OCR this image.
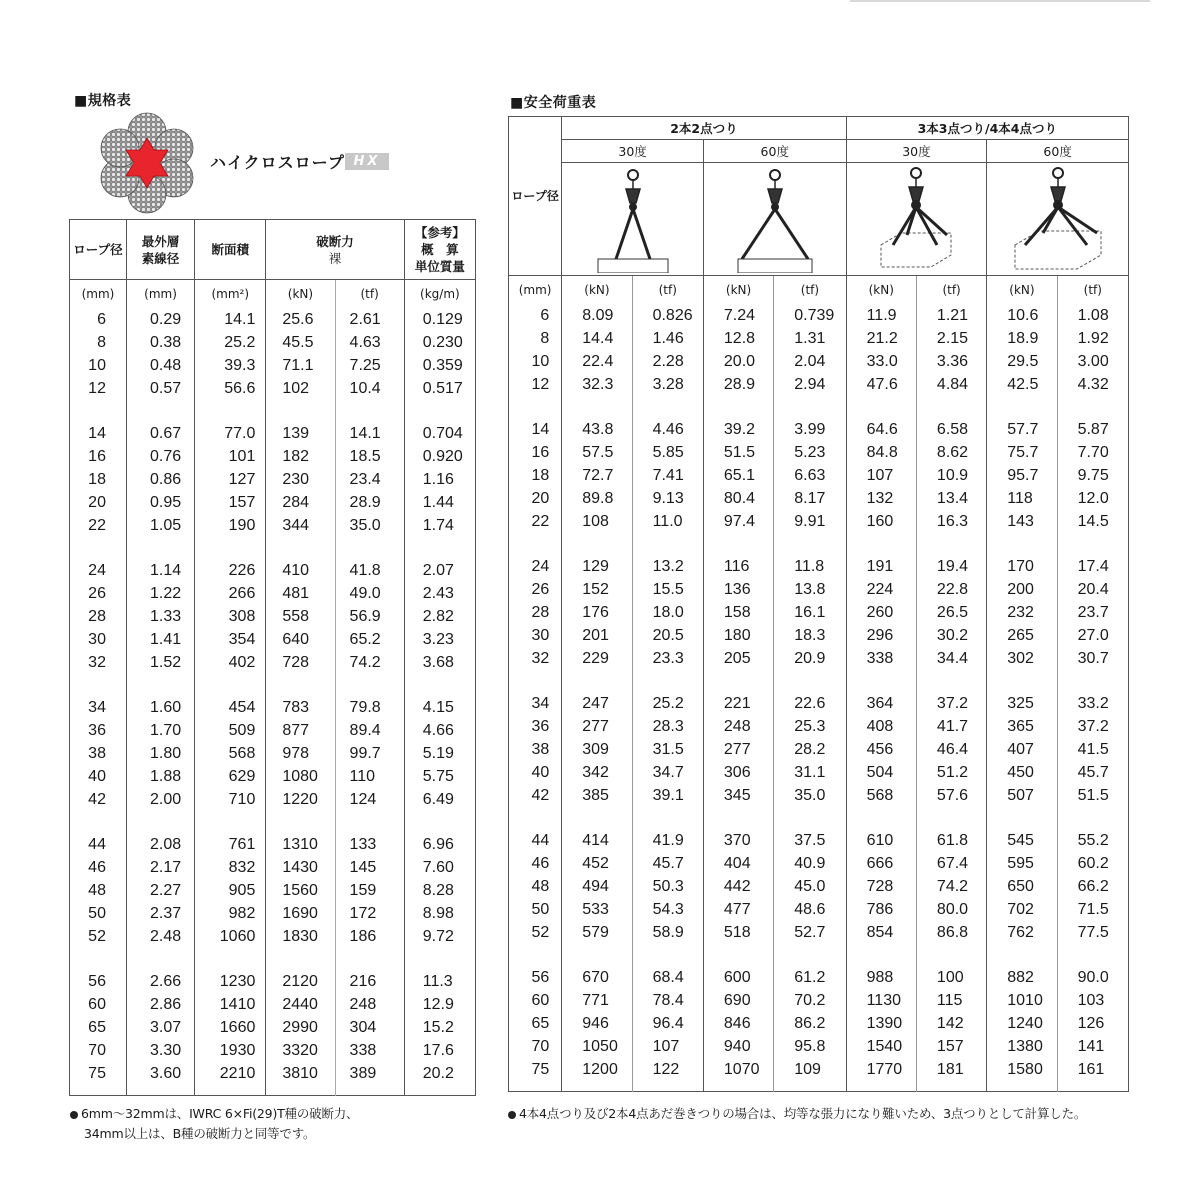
■規格表
ハイクロスロープ HX
ロープ径	最外層
素線径	断面積	破断力
裸		【参考】
概　算
単位質量
(mm)	(mm)	(mm²)	(kN)	(tf)	(kg/m)
6	0.29	14.1	25.6	2.61	0.129
8	0.38	25.2	45.5	4.63	0.230
10	0.48	39.3	71.1	7.25	0.359
12	0.57	56.6	102	10.4	0.517

14	0.67	77.0	139	14.1	0.704
16	0.76	101	182	18.5	0.920
18	0.86	127	230	23.4	1.16
20	0.95	157	284	28.9	1.44
22	1.05	190	344	35.0	1.74

24	1.14	226	410	41.8	2.07
26	1.22	266	481	49.0	2.43
28	1.33	308	558	56.9	2.82
30	1.41	354	640	65.2	3.23
32	1.52	402	728	74.2	3.68

34	1.60	454	783	79.8	4.15
36	1.70	509	877	89.4	4.66
38	1.80	568	978	99.7	5.19
40	1.88	629	1080	110	5.75
42	2.00	710	1220	124	6.49

44	2.08	761	1310	133	6.96
46	2.17	832	1430	145	7.60
48	2.27	905	1560	159	8.28
50	2.37	982	1690	172	8.98
52	2.48	1060	1830	186	9.72

56	2.66	1230	2120	216	11.3
60	2.86	1410	2440	248	12.9
65	3.07	1660	2990	304	15.2
70	3.30	1930	3320	338	17.6
75	3.60	2210	3810	389	20.2

■安全荷重表
ロープ径	2本2点つり				3本3点つり/4本4点つり			
	30度		60度		30度		60度	

(mm)	(kN)	(tf)	(kN)	(tf)	(kN)	(tf)	(kN)	(tf)
6	8.09	0.826	7.24	0.739	11.9	1.21	10.6	1.08
8	14.4	1.46	12.8	1.31	21.2	2.15	18.9	1.92
10	22.4	2.28	20.0	2.04	33.0	3.36	29.5	3.00
12	32.3	3.28	28.9	2.94	47.6	4.84	42.5	4.32

14	43.8	4.46	39.2	3.99	64.6	6.58	57.7	5.87
16	57.5	5.85	51.5	5.23	84.8	8.62	75.7	7.70
18	72.7	7.41	65.1	6.63	107	10.9	95.7	9.75
20	89.8	9.13	80.4	8.17	132	13.4	118	12.0
22	108	11.0	97.4	9.91	160	16.3	143	14.5

24	129	13.2	116	11.8	191	19.4	170	17.4
26	152	15.5	136	13.8	224	22.8	200	20.4
28	176	18.0	158	16.1	260	26.5	232	23.7
30	201	20.5	180	18.3	296	30.2	265	27.0
32	229	23.3	205	20.9	338	34.4	302	30.7

34	247	25.2	221	22.6	364	37.2	325	33.2
36	277	28.3	248	25.3	408	41.7	365	37.2
38	309	31.5	277	28.2	456	46.4	407	41.5
40	342	34.7	306	31.1	504	51.2	450	45.7
42	385	39.1	345	35.0	568	57.6	507	51.5

44	414	41.9	370	37.5	610	61.8	545	55.2
46	452	45.7	404	40.9	666	67.4	595	60.2
48	494	50.3	442	45.0	728	74.2	650	66.2
50	533	54.3	477	48.6	786	80.0	702	71.5
52	579	58.9	518	52.7	854	86.8	762	77.5

56	670	68.4	600	61.2	988	100	882	90.0
60	771	78.4	690	70.2	1130	115	1010	103
65	946	96.4	846	86.2	1390	142	1240	126
70	1050	107	940	95.8	1540	157	1380	141
75	1200	122	1070	109	1770	181	1580	161

6mm〜32mmは、IWRC 6×Fi(29)T種の破断力、
34mm以上は、B種の破断力と同等です。
4本4点つり及び2本4点あだ巻きつりの場合は、均等な張力になり難いため、3点つりとして計算した。
